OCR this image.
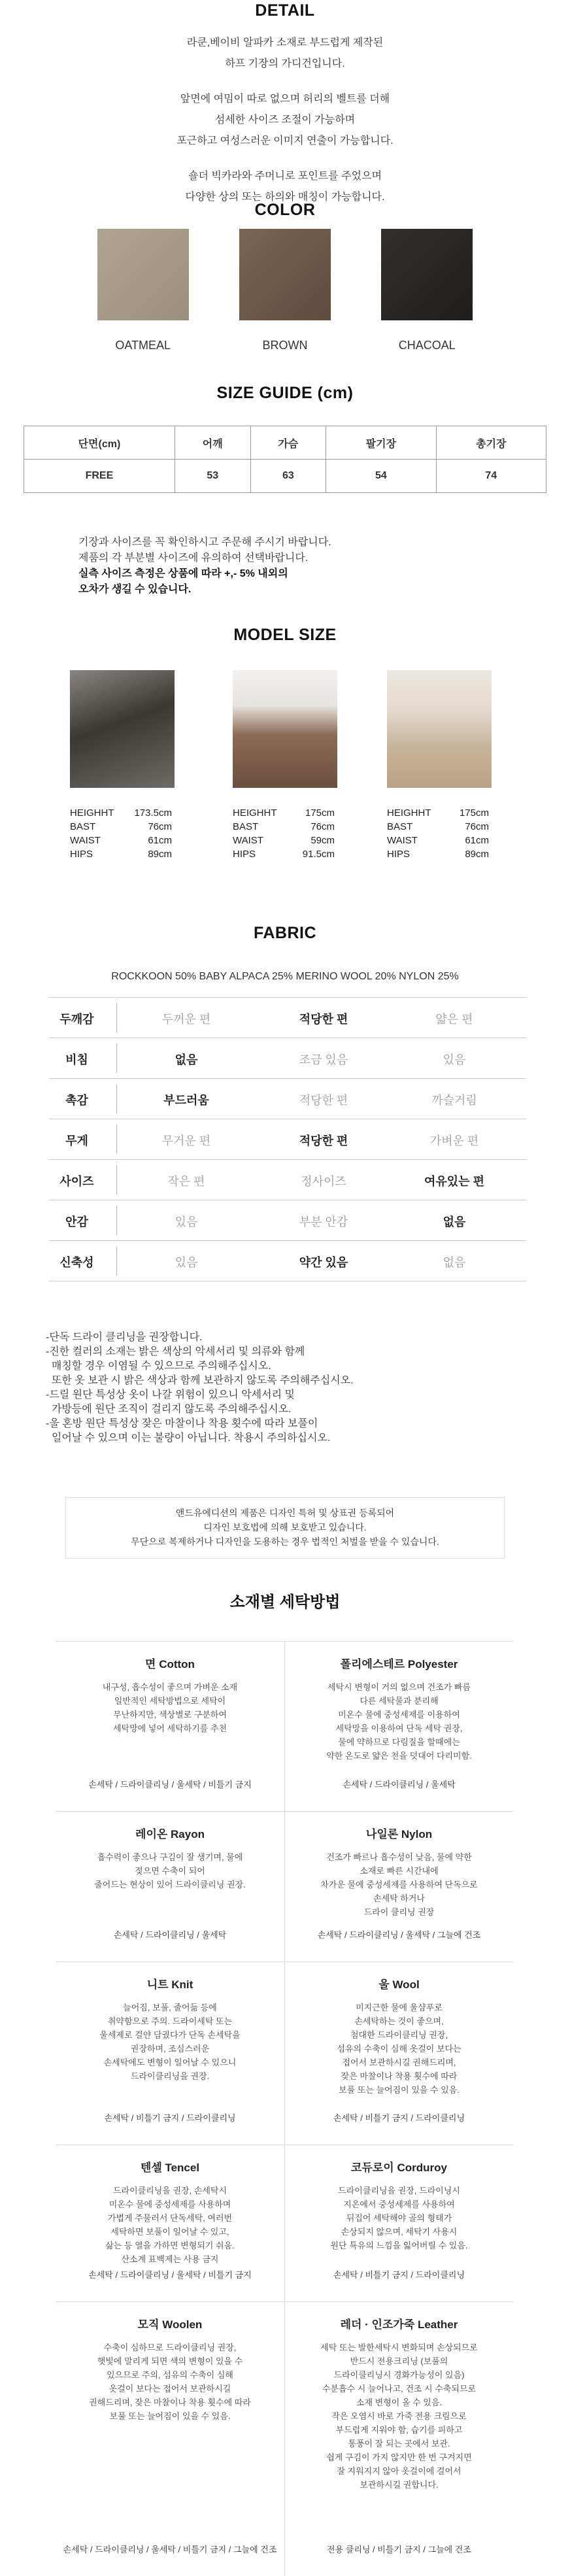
DETAIL

라쿤,베이비 알파카 소재로 부드럽게 제작된

하프 기장의 가디건입니다.

앞면에 여밈이 따로 없으며 허리의 벨트를 더해

섬세한 사이즈 조절이 가능하며

포근하고 여성스러운 이미지 연출이 가능합니다.

숄더 빅카라와 주머니로 포인트를 주었으며

다양한 상의 또는 하의와 매칭이 가능합니다.

COLOR
OATMEAL	BROWN	CHACOAL
SIZE GUIDE (cm)
단면(cm)	어깨	가슴	팔기장	총기장
FREE	53	63	54	74
기장과 사이즈를 꼭 확인하시고 주문해 주시기 바랍니다.
제품의 각 부분별 사이즈에 유의하여 선택바랍니다.
실측 사이즈 측정은 상품에 따라 +,- 5% 내외의
오차가 생길 수 있습니다.
MODEL SIZE
HEIGHHT	173.5cm
BAST	76cm
WAIST	61cm
HIPS	89cm
HEIGHHT	175cm
BAST	76cm
WAIST	59cm
HIPS	91.5cm
HEIGHHT	175cm
BAST	76cm
WAIST	61cm
HIPS	89cm
FABRIC
ROCKKOON 50% BABY ALPACA 25% MERINO WOOL 20% NYLON 25%
두깨감	두꺼운 편	적당한 편	얇은 편
비침	없음	조금 있음	있음
촉감	부드러움	적당한 편	까슬거림
무게	무거운 편	적당한 편	가벼운 편
사이즈	작은 편	정사이즈	여유있는 편
안감	있음	부분 안감	없음
신축성	있음	약간 있음	없음
-단독 드라이 클리닝을 권장합니다.
-진한 컬러의 소재는 밝은 색상의 악세서리 및 의류와 함께
매칭할 경우 이염될 수 있으므로 주의해주십시오.
또한 옷 보관 시 밝은 색상과 함께 보관하지 않도록 주의해주십시오.
-드릴 원단 특성상 옷이 나갈 위험이 있으니 악세서리 및
가방등에 원단 조직이 걸리지 않도록 주의해주십시오.
-울 혼방 원단 특성상 잦은 마찰이나 착용 횟수에 따라 보풀이
일어날 수 있으며 이는 불량이 아닙니다. 착용시 주의하십시오.
앤드유에디션의 제품은 디자인 특허 및 상표권 등록되어
디자인 보호법에 의해 보호받고 있습니다.
무단으로 복제하거나 디자인을 도용하는 경우 법적인 처벌을 받을 수 있습니다.
소재별 세탁방법
면 Cotton
내구성, 흡수성이 좋으며 가벼운 소재
일반적인 세탁방법으로 세탁이
무난하지만, 색상별로 구분하여
세탁망에 넣어 세탁하기를 추천
손세탁 / 드라이클리닝 / 울세탁 / 비틀기 금지
폴리에스테르 Polyester
세탁시 변형이 거의 없으며 건조가 빠름
다른 세탁물과 분리해
미온수 물에 중성세제를 이용하여
세탁망을 이용하여 단독 세탁 권장,
물에 약하므로 다림질을 할때에는
약한 온도로 얇은 천을 덧대어 다리미함.
손세탁 / 드라이클리닝 / 울세탁
레이온 Rayon
흡수력이 좋으나 구김이 잘 생기며, 물에
젖으면 수축이 되어
줄어드는 현상이 있어 드라이클리닝 권장.
손세탁 / 드라이클리닝 / 울세탁
나일론 Nylon
건조가 빠르나 흡수성이 낮음, 물에 약한
소재로 빠른 시간내에
차가운 물에 중성세제를 사용하여 단독으로
손세탁 하거나
드라이 클리닝 권장
손세탁 / 드라이클리닝 / 울세탁 / 그늘에 건조
니트 Knit
늘어짐, 보풀, 줄어듦 등에
취약함으로 주의. 드라이세탁 또는
울세제로 걸얀 담궜다가 단독 손세탁을
권장하며, 조심스러운
손세탁에도 변형이 일어날 수 있으니
드라이클리닝을 권장.
손세탁 / 비틀기 금지 / 드라이클리닝
울 Wool
미지근한 물에 울샴푸로
손세탁하는 것이 좋으며,
첨대한 드라이클리닝 권장,
섬유의 수축이 심해 옷걸이 보다는
접어서 보관하시길 권해드리며,
잦은 마찰이나 착용 횟수에 따라
보풀 또는 늘어짐이 있을 수 있음.
손세탁 / 비틀기 금지 / 드라이클리닝
텐셀 Tencel
드라이클리닝을 권장, 손세탁시
미온수 물에 중성세제를 사용하며
가볍게 주물러서 단독세탁, 여러번
세탁하면 보풀이 일어날 수 있고,
삶는 등 열을 가하면 변형되기 쉬움.
산소계 표백제는 사용 금지
손세탁 / 드라이클리닝 / 울세탁 / 비틀기 금지
코듀로이 Corduroy
드라이클리닝을 권장, 드라이닝시
지온에서 중성세제를 사용하여
뒤집어 세탁해야 골의 형태가
손상되지 않으며, 세탁기 사용시
원단 특유의 느낌을 잃어버릴 수 있음.
손세탁 / 비틀기 금지 / 드라이클리닝
모직 Woolen
수축이 심하므로 드라이클리닝 권장,
햇빛에 말리게 되면 색의 변형이 있을 수
있으므로 주의, 섬유의 수축이 심해
옷걸이 보다는 접어서 보관하시길
권해드리며, 잦은 마찰이나 착용 횟수에 따라
보풀 또는 늘어짐이 있을 수 있음.
손세탁 / 드라이클리닝 / 울세탁 / 비틀기 금지 / 그늘에 건조
레더 · 인조가죽 Leather
세탁 또는 발한세탁시 변화되며 손상되므로
반드시 전용크리닝 (보풀의
드라이클리닝시 경화가능성이 있음)
수분흡수 시 늘어나고, 건조 시 수축되므로
소재 변형이 올 수 있음.
작은 오염시 바로 가죽 전용 크림으로
부드럽게 지워야 함, 습기를 피하고
통풍이 잘 되는 곳에서 보관.
쉽게 구김이 가지 않지만 한 번 구겨지면
잘 지워지지 않아 옷걸이에 걸어서
보관하시길 권합니다.
전용 클리닝 / 비틀기 금지 / 그늘에 건조
